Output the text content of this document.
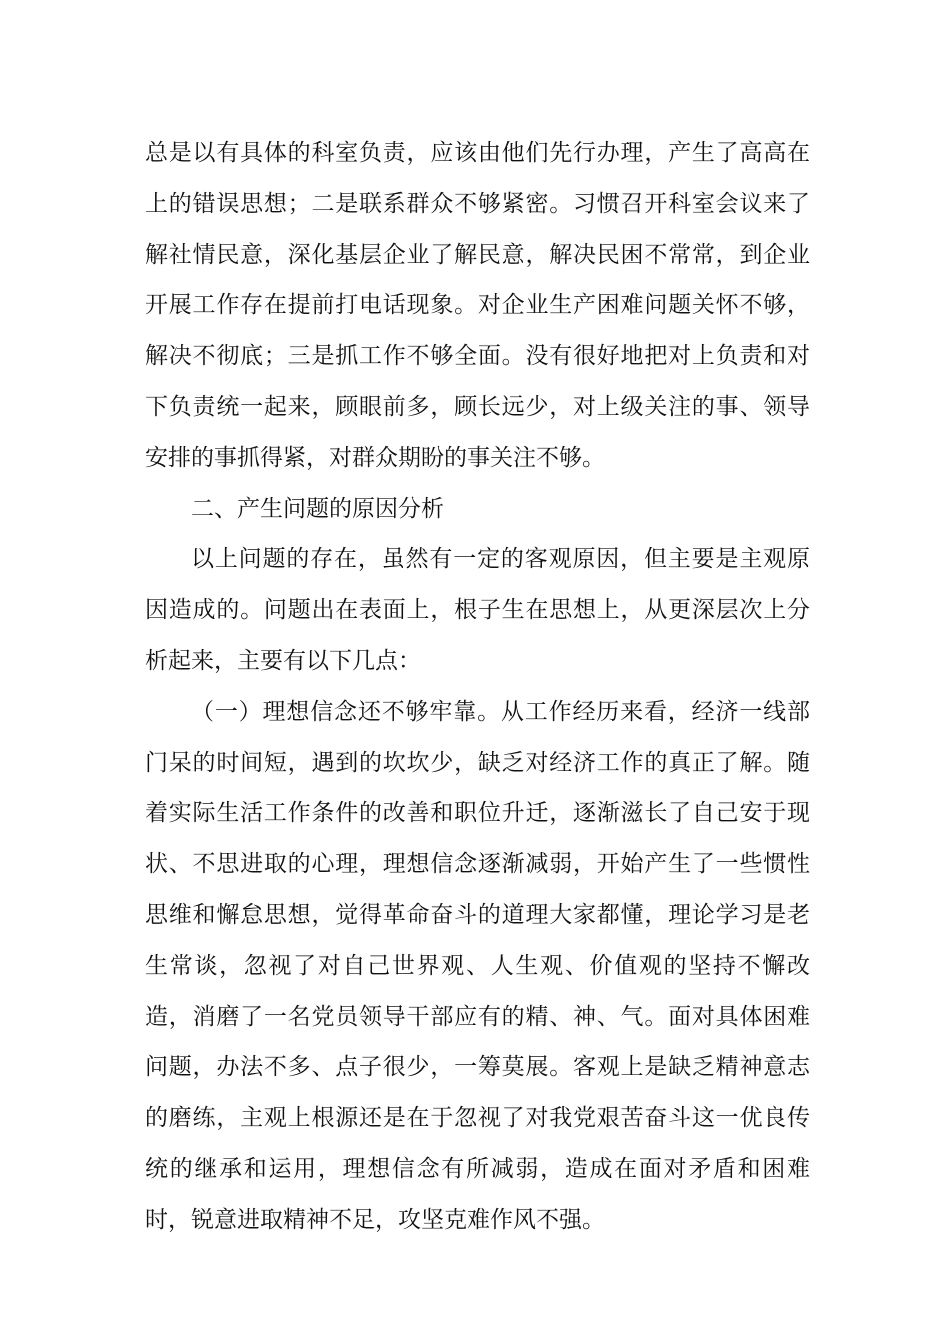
总是以有具体的科室负责，应该由他们先行办理，产生了高高在上的错误思想；二是联系群众不够紧密。习惯召开科室会议来了解社情民意，深化基层企业了解民意，解决民困不常常，到企业开展工作存在提前打电话现象。对企业生产困难问题关怀不够，解决不彻底；三是抓工作不够全面。没有很好地把对上负责和对下负责统一起来，顾眼前多，顾长远少，对上级关注的事、领导安排的事抓得紧，对群众期盼的事关注不够。

二、产生问题的原因分析

以上问题的存在，虽然有一定的客观原因，但主要是主观原因造成的。问题出在表面上，根子生在思想上，从更深层次上分析起来，主要有以下几点：

（一）理想信念还不够牢靠。从工作经历来看，经济一线部门呆的时间短，遇到的坎坎少，缺乏对经济工作的真正了解。随着实际生活工作条件的改善和职位升迁，逐渐滋长了自己安于现状、不思进取的心理，理想信念逐渐减弱，开始产生了一些惯性思维和懈怠思想，觉得革命奋斗的道理大家都懂，理论学习是老生常谈，忽视了对自己世界观、人生观、价值观的坚持不懈改造，消磨了一名党员领导干部应有的精、神、气。面对具体困难问题，办法不多、点子很少，一筹莫展。客观上是缺乏精神意志的磨练，主观上根源还是在于忽视了对我党艰苦奋斗这一优良传统的继承和运用，理想信念有所减弱，造成在面对矛盾和困难时，锐意进取精神不足，攻坚克难作风不强。
